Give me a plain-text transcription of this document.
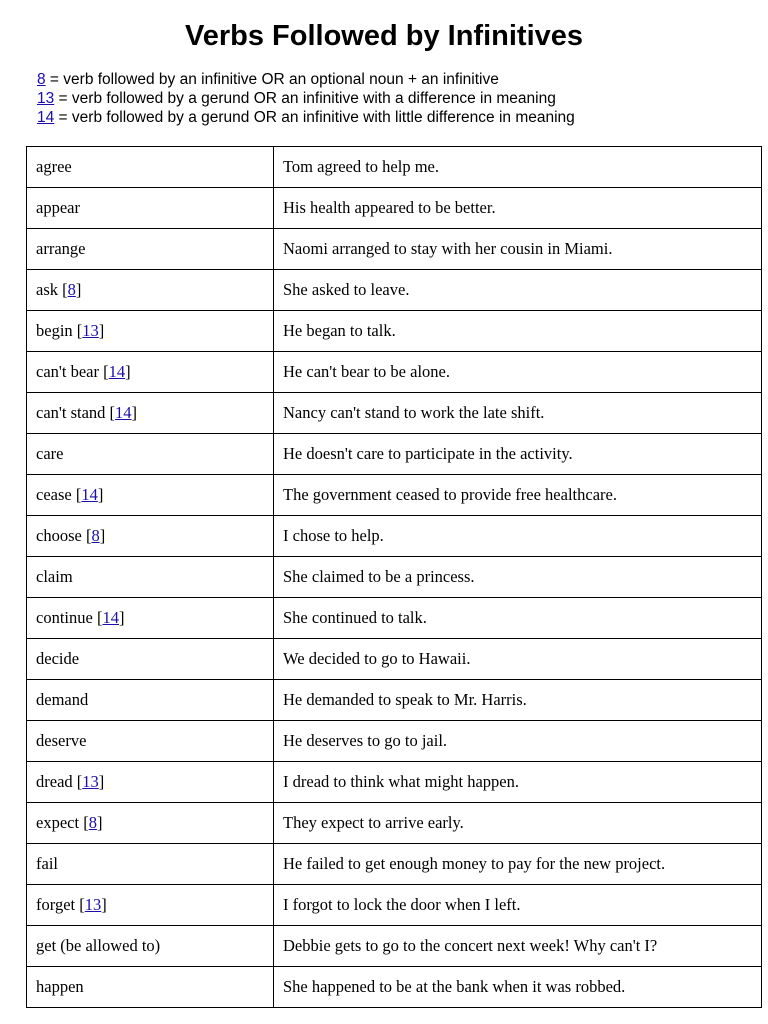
Verbs Followed by Infinitives
8 = verb followed by an infinitive OR an optional noun + an infinitive
13 = verb followed by a gerund OR an infinitive with a difference in meaning
14 = verb followed by a gerund OR an infinitive with little difference in meaning
agree	Tom agreed to help me.
appear	His health appeared to be better.
arrange	Naomi arranged to stay with her cousin in Miami.
ask [8]	She asked to leave.
begin [13]	He began to talk.
can't bear [14]	He can't bear to be alone.
can't stand [14]	Nancy can't stand to work the late shift.
care	He doesn't care to participate in the activity.
cease [14]	The government ceased to provide free healthcare.
choose [8]	I chose to help.
claim	She claimed to be a princess.
continue [14]	She continued to talk.
decide	We decided to go to Hawaii.
demand	He demanded to speak to Mr. Harris.
deserve	He deserves to go to jail.
dread [13]	I dread to think what might happen.
expect [8]	They expect to arrive early.
fail	He failed to get enough money to pay for the new project.
forget [13]	I forgot to lock the door when I left.
get (be allowed to)	Debbie gets to go to the concert next week! Why can't I?
happen	She happened to be at the bank when it was robbed.
